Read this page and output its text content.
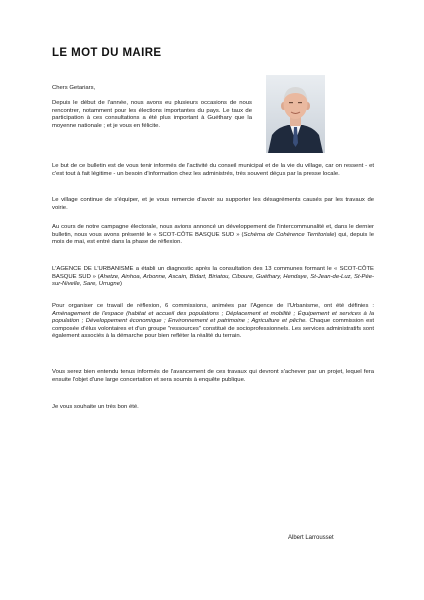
LE MOT DU MAIRE

Chers Getariars,

Depuis le début de l'année, nous avons eu plusieurs occasions de nous rencontrer, notamment pour les élections importantes du pays. Le taux de participation à ces consultations a été plus important à Guéthary que la moyenne nationale ; et je vous en félicite.

Le but de ce bulletin est de vous tenir informés de l'activité du conseil municipal et de la vie du village, car on ressent - et c'est tout à fait légitime - un besoin d'information chez les administrés, très souvent déçus par la presse locale.

Le village continue de s'équiper, et je vous remercie d'avoir su supporter les désagréments causés par les travaux de voirie.

Au cours de notre campagne électorale, nous avions annoncé un développement de l'intercommunalité et, dans le dernier bulletin, nous vous avons présenté le « SCOT-CÔTE BASQUE SUD » (Schéma de Cohérence Territoriale) qui, depuis le mois de mai, est entré dans la phase de réflexion.

L'AGENCE DE L'URBANISME a établi un diagnostic après la consultation des 13 communes formant le « SCOT-CÔTE BASQUE SUD » (Ahetze, Ainhoa, Arbonne, Ascain, Bidart, Biriatou, Ciboure, Guéthary, Hendaye, St-Jean-de-Luz, St-Pée-sur-Nivelle, Sare, Urrugne)

Pour organiser ce travail de réflexion, 6 commissions, animées par l'Agence de l'Urbanisme, ont été définies : Aménagement de l'espace (habitat et accueil des populations ; Déplacement et mobilité ; Équipement et services à la population ; Développement économique ; Environnement et patrimoine ; Agriculture et pêche. Chaque commission est composée d'élus volontaires et d'un groupe "ressources" constitué de socioprofessionnels. Les services administratifs sont également associés à la démarche pour bien refléter la réalité du terrain.

Vous serez bien entendu tenus informés de l'avancement de ces travaux qui devront s'achever par un projet, lequel fera ensuite l'objet d'une large concertation et sera soumis à enquête publique.

Je vous souhaite un très bon été.

Albert Larrousset
